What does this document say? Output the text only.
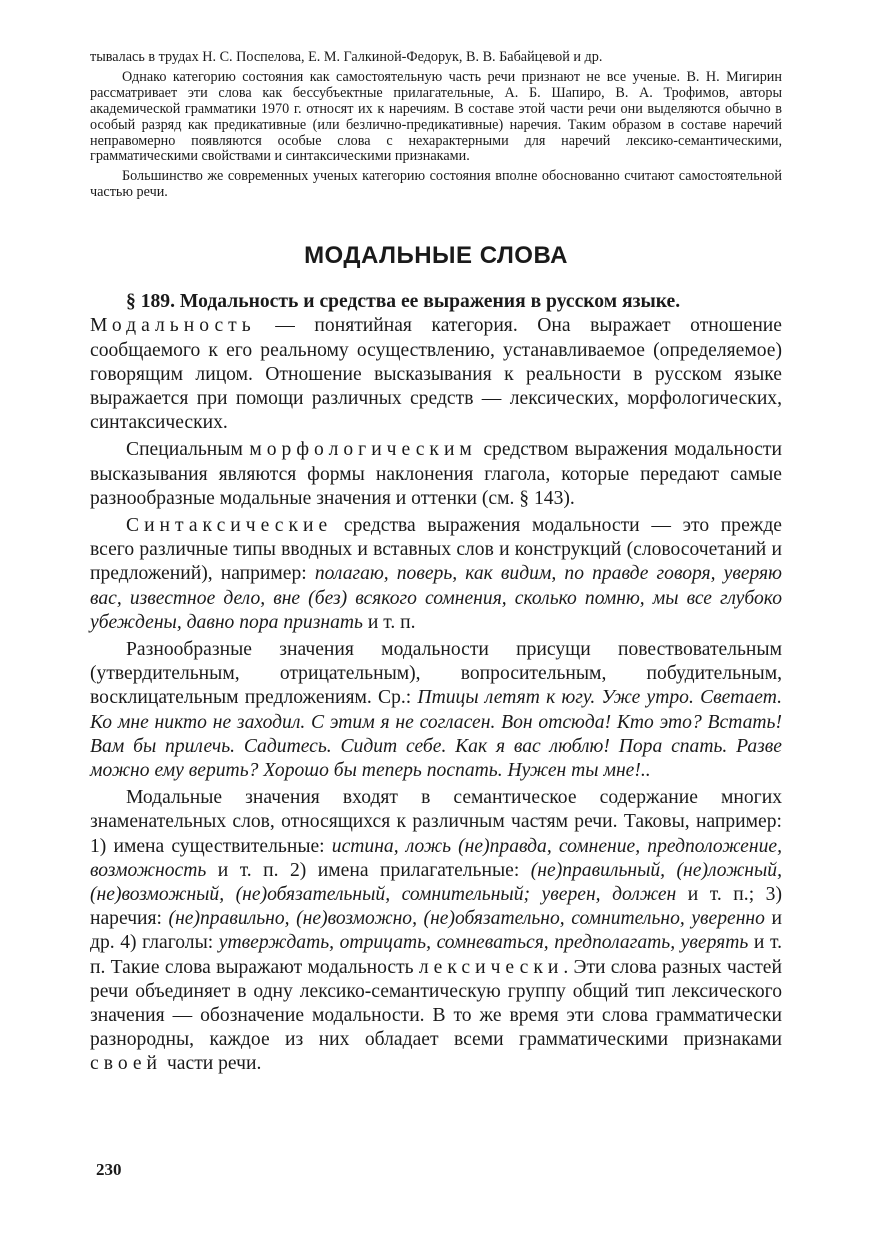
тывалась в трудах Н. С. Поспелова, Е. М. Галкиной-Федорук, В. В. Бабайцевой и др.

Однако категорию состояния как самостоятельную часть речи признают не все ученые. В. Н. Мигирин рассматривает эти слова как бессубъектные прилагательные, А. Б. Шапиро, В. А. Трофимов, авторы академической грамматики 1970 г. относят их к наречиям. В составе этой части речи они выделяются обычно в особый разряд как предикативные (или безлично-предикативные) наречия. Таким образом в составе наречий неправомерно появляются особые слова с нехарактерными для наречий лексико-семантическими, грамматическими свойствами и синтаксическими признаками.

Большинство же современных ученых категорию состояния вполне обоснованно считают самостоятельной частью речи.

МОДАЛЬНЫЕ СЛОВА

§ 189. Модальность и средства ее выражения в русском языке.
Модальность — понятийная категория. Она выражает отношение сообщаемого к его реальному осуществлению, устанавливаемое (определяемое) говорящим лицом. Отношение высказывания к реальности в русском языке выражается при помощи различных средств — лексических, морфологических, синтаксических.

Специальным морфологическим средством выражения модальности высказывания являются формы наклонения глагола, которые передают самые разнообразные модальные значения и оттенки (см. § 143).

Синтаксические средства выражения модальности — это прежде всего различные типы вводных и вставных слов и конструкций (словосочетаний и предложений), например: полагаю, поверь, как видим, по правде говоря, уверяю вас, известное дело, вне (без) всякого сомнения, сколько помню, мы все глубоко убеждены, давно пора признать и т. п.

Разнообразные значения модальности присущи повествовательным (утвердительным, отрицательным), вопросительным, побудительным, восклицательным предложениям. Ср.: Птицы летят к югу. Уже утро. Светает. Ко мне никто не заходил. С этим я не согласен. Вон отсюда! Кто это? Встать! Вам бы прилечь. Садитесь. Сидит себе. Как я вас люблю! Пора спать. Разве можно ему верить? Хорошо бы теперь поспать. Нужен ты мне!..

Модальные значения входят в семантическое содержание многих знаменательных слов, относящихся к различным частям речи. Таковы, например: 1) имена существительные: истина, ложь (не)правда, сомнение, предположение, возможность и т. п. 2) имена прилагательные: (не)правильный, (не)ложный, (не)возможный, (не)обязательный, сомнительный; уверен, должен и т. п.; 3) наречия: (не)правильно, (не)возможно, (не)обязательно, сомнительно, уверенно и др. 4) глаголы: утверждать, отрицать, сомневаться, предполагать, уверять и т. п. Такие слова выражают модальность лексически. Эти слова разных частей речи объединяет в одну лексико-семантическую группу общий тип лексического значения — обозначение модальности. В то же время эти слова грамматически разнородны, каждое из них обладает всеми грамматическими признаками своей части речи.

230
